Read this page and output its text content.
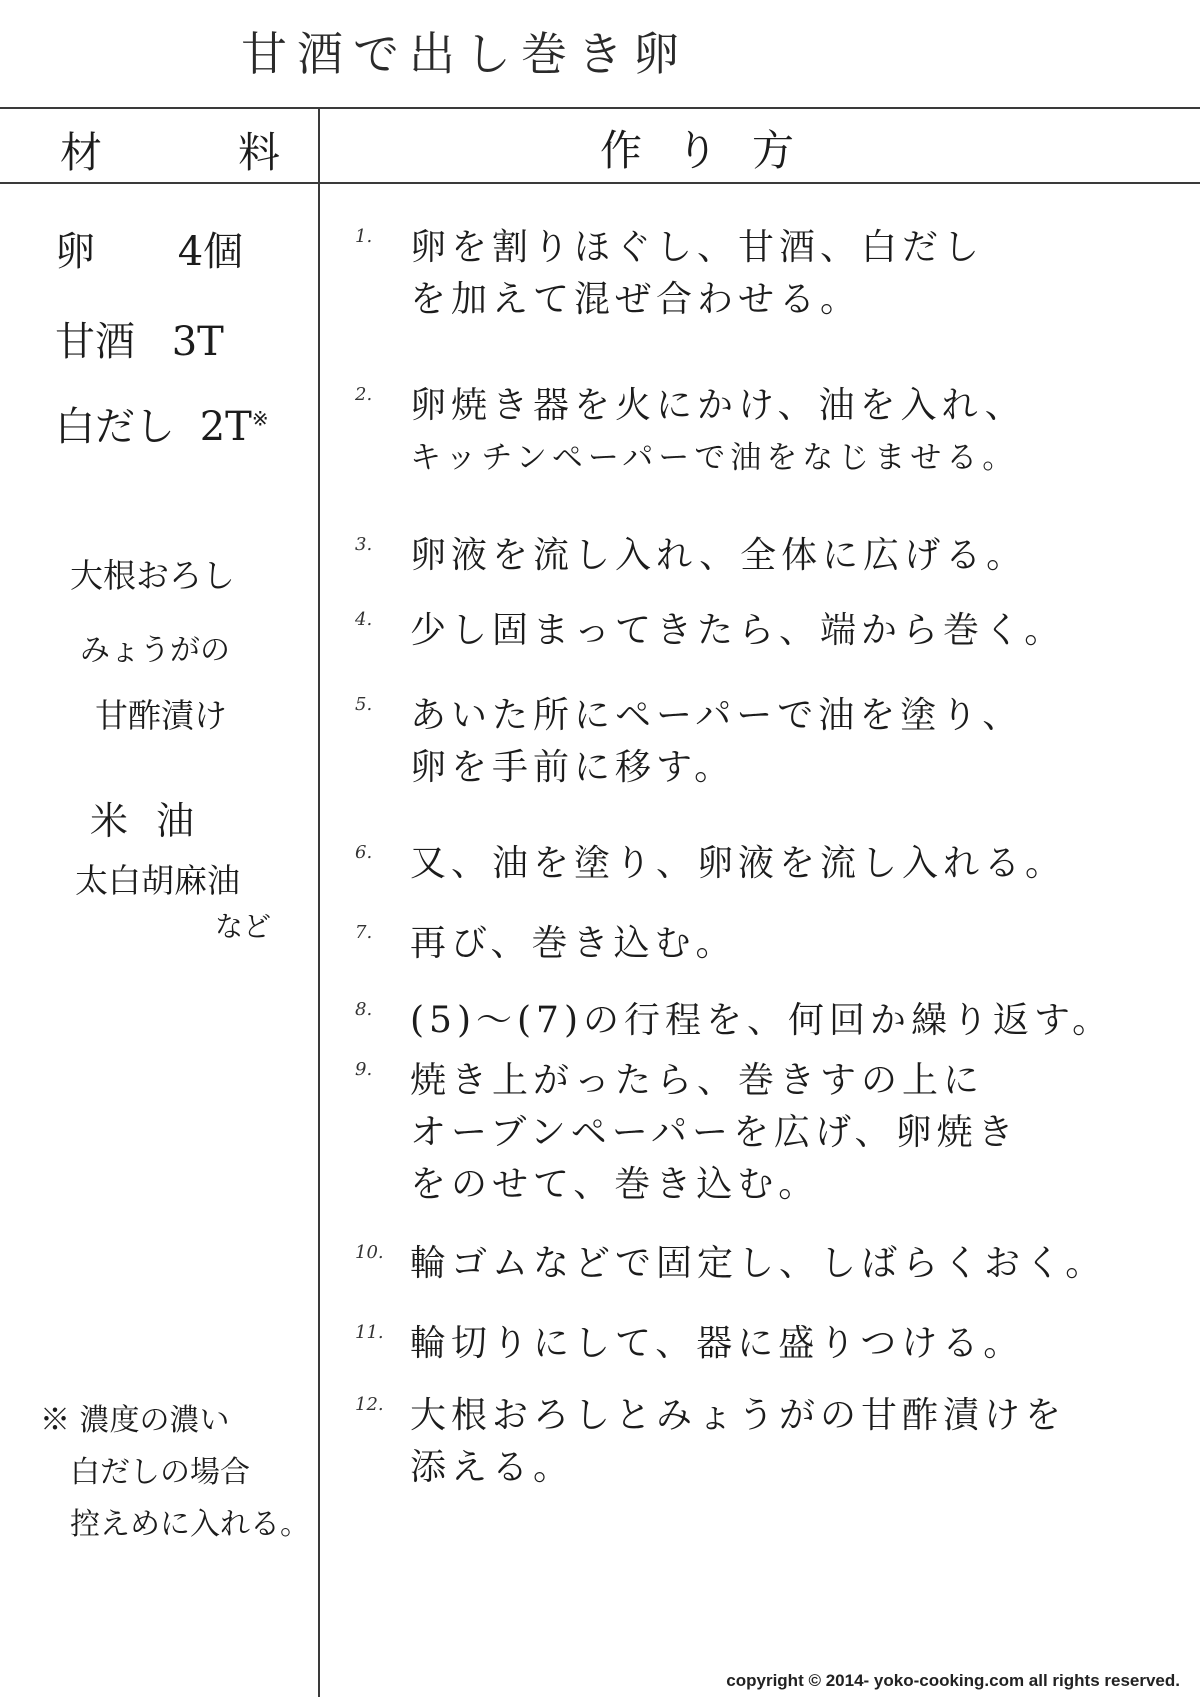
甘酒で出し巻き卵
材	料	作り方
卵 4個
甘酒 3T
白だし 2T※
大根おろし
みょうがの
甘酢漬け
米油
太白胡麻油
など
※ 濃度の濃い
白だしの場合
控えめに入れる。
1.	卵を割りほぐし、甘酒、白だし
を加えて混ぜ合わせる。
2.	卵焼き器を火にかけ、油を入れ、
キッチンペーパーで油をなじませる。
3.	卵液を流し入れ、全体に広げる。
4.	少し固まってきたら、端から巻く。
5.	あいた所にペーパーで油を塗り、
卵を手前に移す。
6.	又、油を塗り、卵液を流し入れる。
7.	再び、巻き込む。
8.	(5)～(7)の行程を、何回か繰り返す。
9.	焼き上がったら、巻きすの上に
オーブンペーパーを広げ、卵焼き
をのせて、巻き込む。
10. 輪ゴムなどで固定し、しばらくおく。
11. 輪切りにして、器に盛りつける。
12. 大根おろしとみょうがの甘酢漬けを
添える。
copyright © 2014- yoko-cooking.com all rights reserved.
